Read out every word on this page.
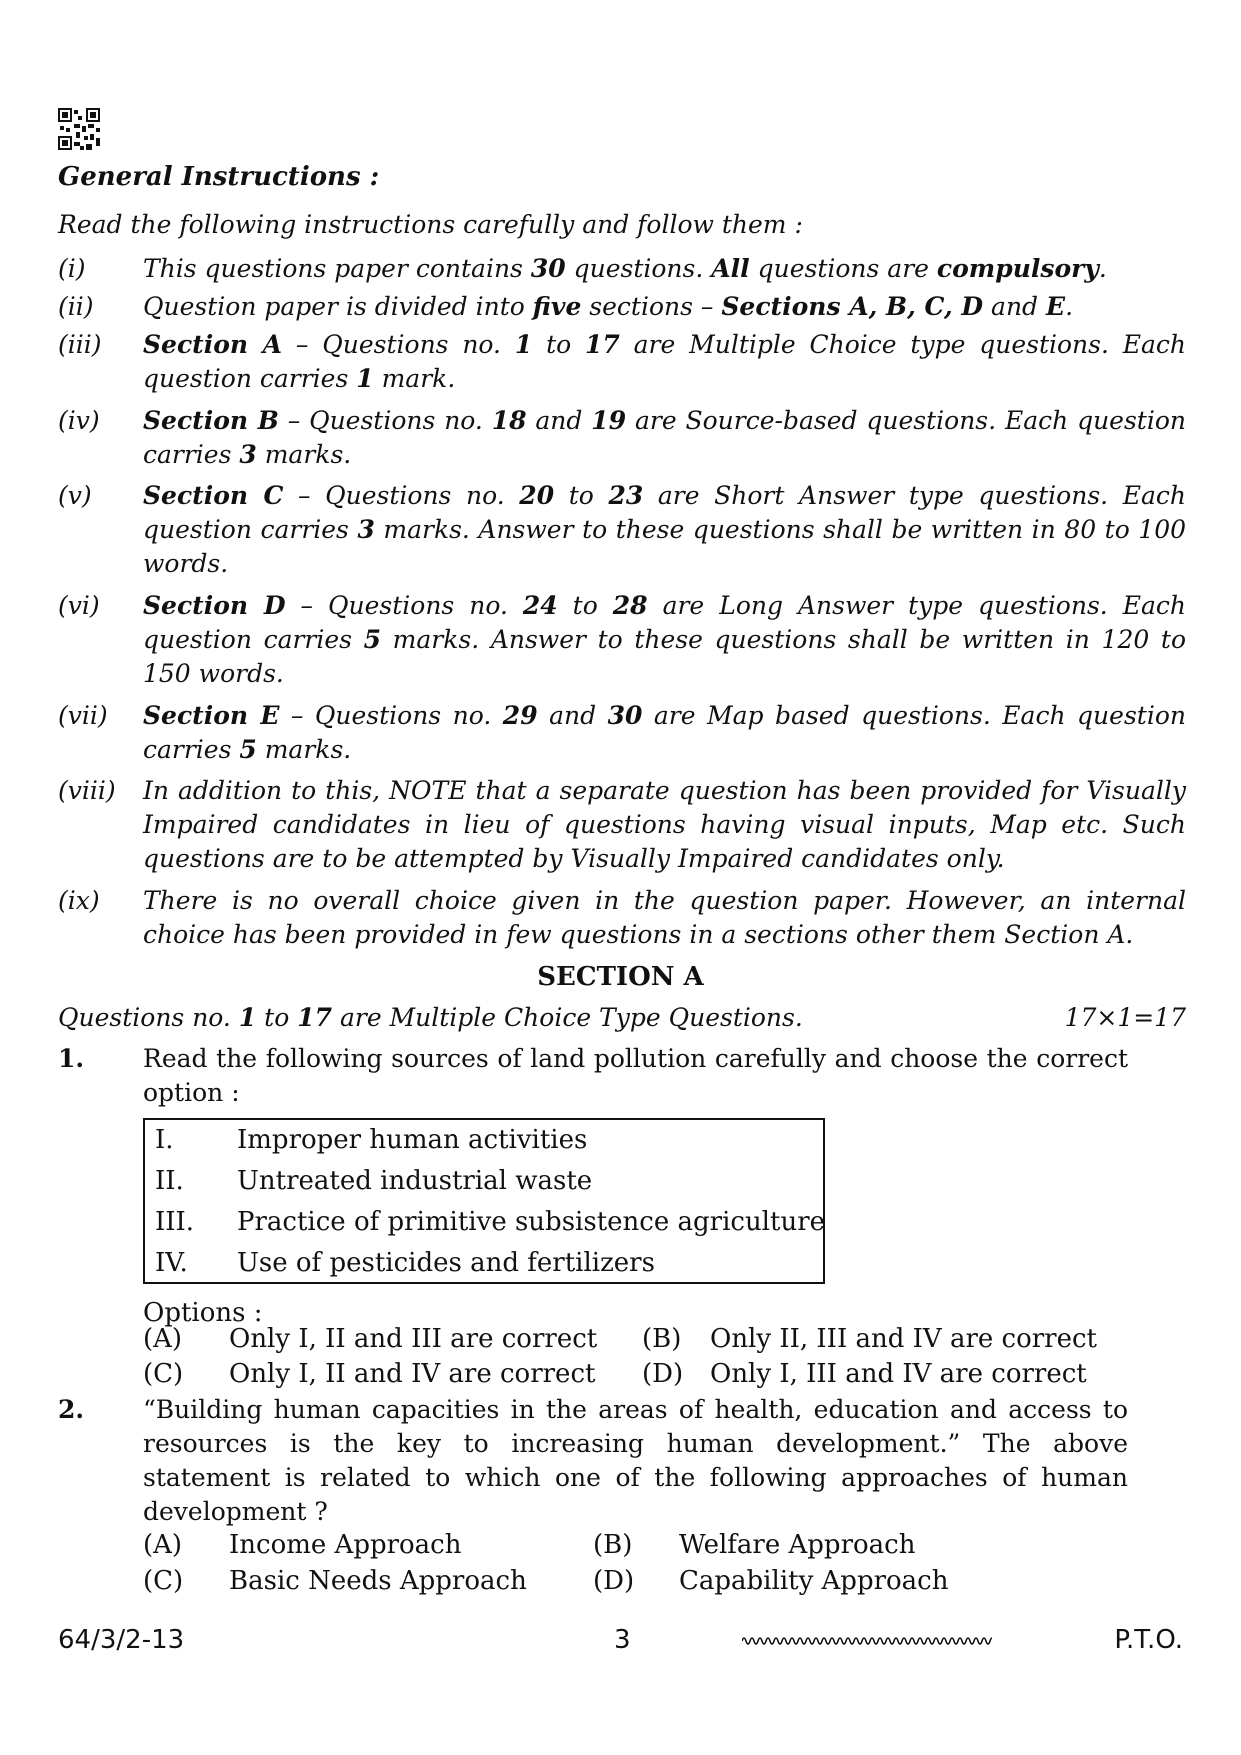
General Instructions :
Read the following instructions carefully and follow them :
(i)	This questions paper contains 30 questions. All questions are compulsory.
(ii)	Question paper is divided into five sections – Sections A, B, C, D and E.
(iii)	Section A – Questions no. 1 to 17 are Multiple Choice type questions. Each question carries 1 mark.
(iv)	Section B – Questions no. 18 and 19 are Source-based questions. Each question carries 3 marks.
(v)	Section C – Questions no. 20 to 23 are Short Answer type questions. Each question carries 3 marks. Answer to these questions shall be written in 80 to 100 words.
(vi)	Section D – Questions no. 24 to 28 are Long Answer type questions. Each question carries 5 marks. Answer to these questions shall be written in 120 to 150 words.
(vii)	Section E – Questions no. 29 and 30 are Map based questions. Each question carries 5 marks.
(viii)	In addition to this, NOTE that a separate question has been provided for Visually Impaired candidates in lieu of questions having visual inputs, Map etc. Such questions are to be attempted by Visually Impaired candidates only.
(ix)	There is no overall choice given in the question paper. However, an internal choice has been provided in few questions in a sections other them Section A.
SECTION A
Questions no. 1 to 17 are Multiple Choice Type Questions.	17×1=17
1. Read the following sources of land pollution carefully and choose the correct option :
I.	Improper human activities
II.	Untreated industrial waste
III.	Practice of primitive subsistence agriculture
IV.	Use of pesticides and fertilizers
Options :
(A) Only I, II and III are correct (B) Only II, III and IV are correct
(C) Only I, II and IV are correct (D) Only I, III and IV are correct
2. “Building human capacities in the areas of health, education and access to resources is the key to increasing human development.” The above statement is related to which one of the following approaches of human development ?
(A) Income Approach	(B) Welfare Approach
(C) Basic Needs Approach	(D) Capability Approach
64/3/2-13	3	P.T.O.
